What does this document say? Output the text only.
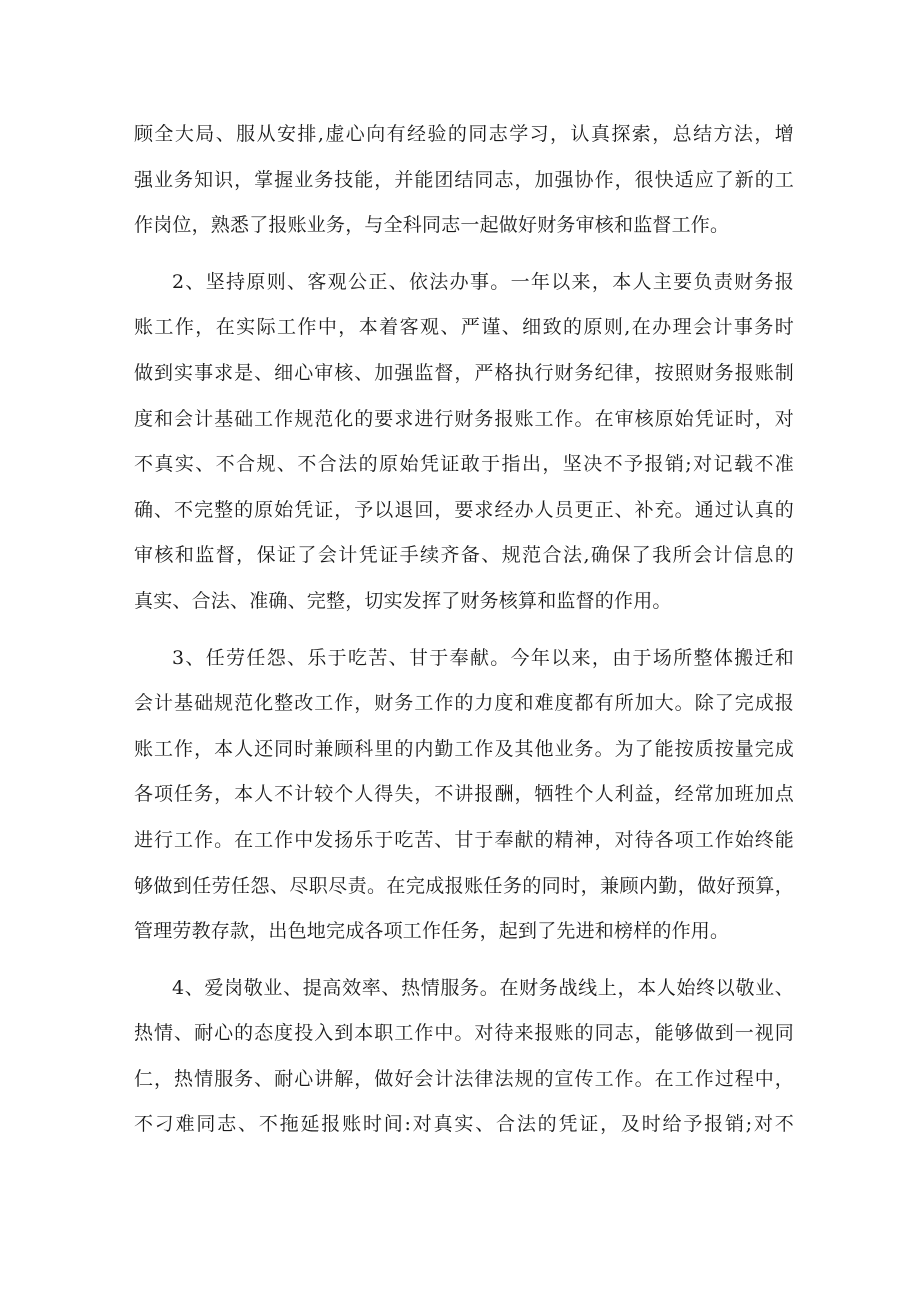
顾全大局、服从安排,虚心向有经验的同志学习，认真探索，总结方法，增
强业务知识，掌握业务技能，并能团结同志，加强协作，很快适应了新的工
作岗位，熟悉了报账业务，与全科同志一起做好财务审核和监督工作。

2、坚持原则、客观公正、依法办事。一年以来，本人主要负责财务报
账工作，在实际工作中，本着客观、严谨、细致的原则,在办理会计事务时
做到实事求是、细心审核、加强监督，严格执行财务纪律，按照财务报账制
度和会计基础工作规范化的要求进行财务报账工作。在审核原始凭证时，对
不真实、不合规、不合法的原始凭证敢于指出，坚决不予报销;对记载不准
确、不完整的原始凭证，予以退回，要求经办人员更正、补充。通过认真的
审核和监督，保证了会计凭证手续齐备、规范合法,确保了我所会计信息的
真实、合法、准确、完整，切实发挥了财务核算和监督的作用。

3、任劳任怨、乐于吃苦、甘于奉献。今年以来，由于场所整体搬迁和
会计基础规范化整改工作，财务工作的力度和难度都有所加大。除了完成报
账工作，本人还同时兼顾科里的内勤工作及其他业务。为了能按质按量完成
各项任务，本人不计较个人得失，不讲报酬，牺牲个人利益，经常加班加点
进行工作。在工作中发扬乐于吃苦、甘于奉献的精神，对待各项工作始终能
够做到任劳任怨、尽职尽责。在完成报账任务的同时，兼顾内勤，做好预算，
管理劳教存款，出色地完成各项工作任务，起到了先进和榜样的作用。

4、爱岗敬业、提高效率、热情服务。在财务战线上，本人始终以敬业、
热情、耐心的态度投入到本职工作中。对待来报账的同志，能够做到一视同
仁，热情服务、耐心讲解，做好会计法律法规的宣传工作。在工作过程中，
不刁难同志、不拖延报账时间:对真实、合法的凭证，及时给予报销;对不
